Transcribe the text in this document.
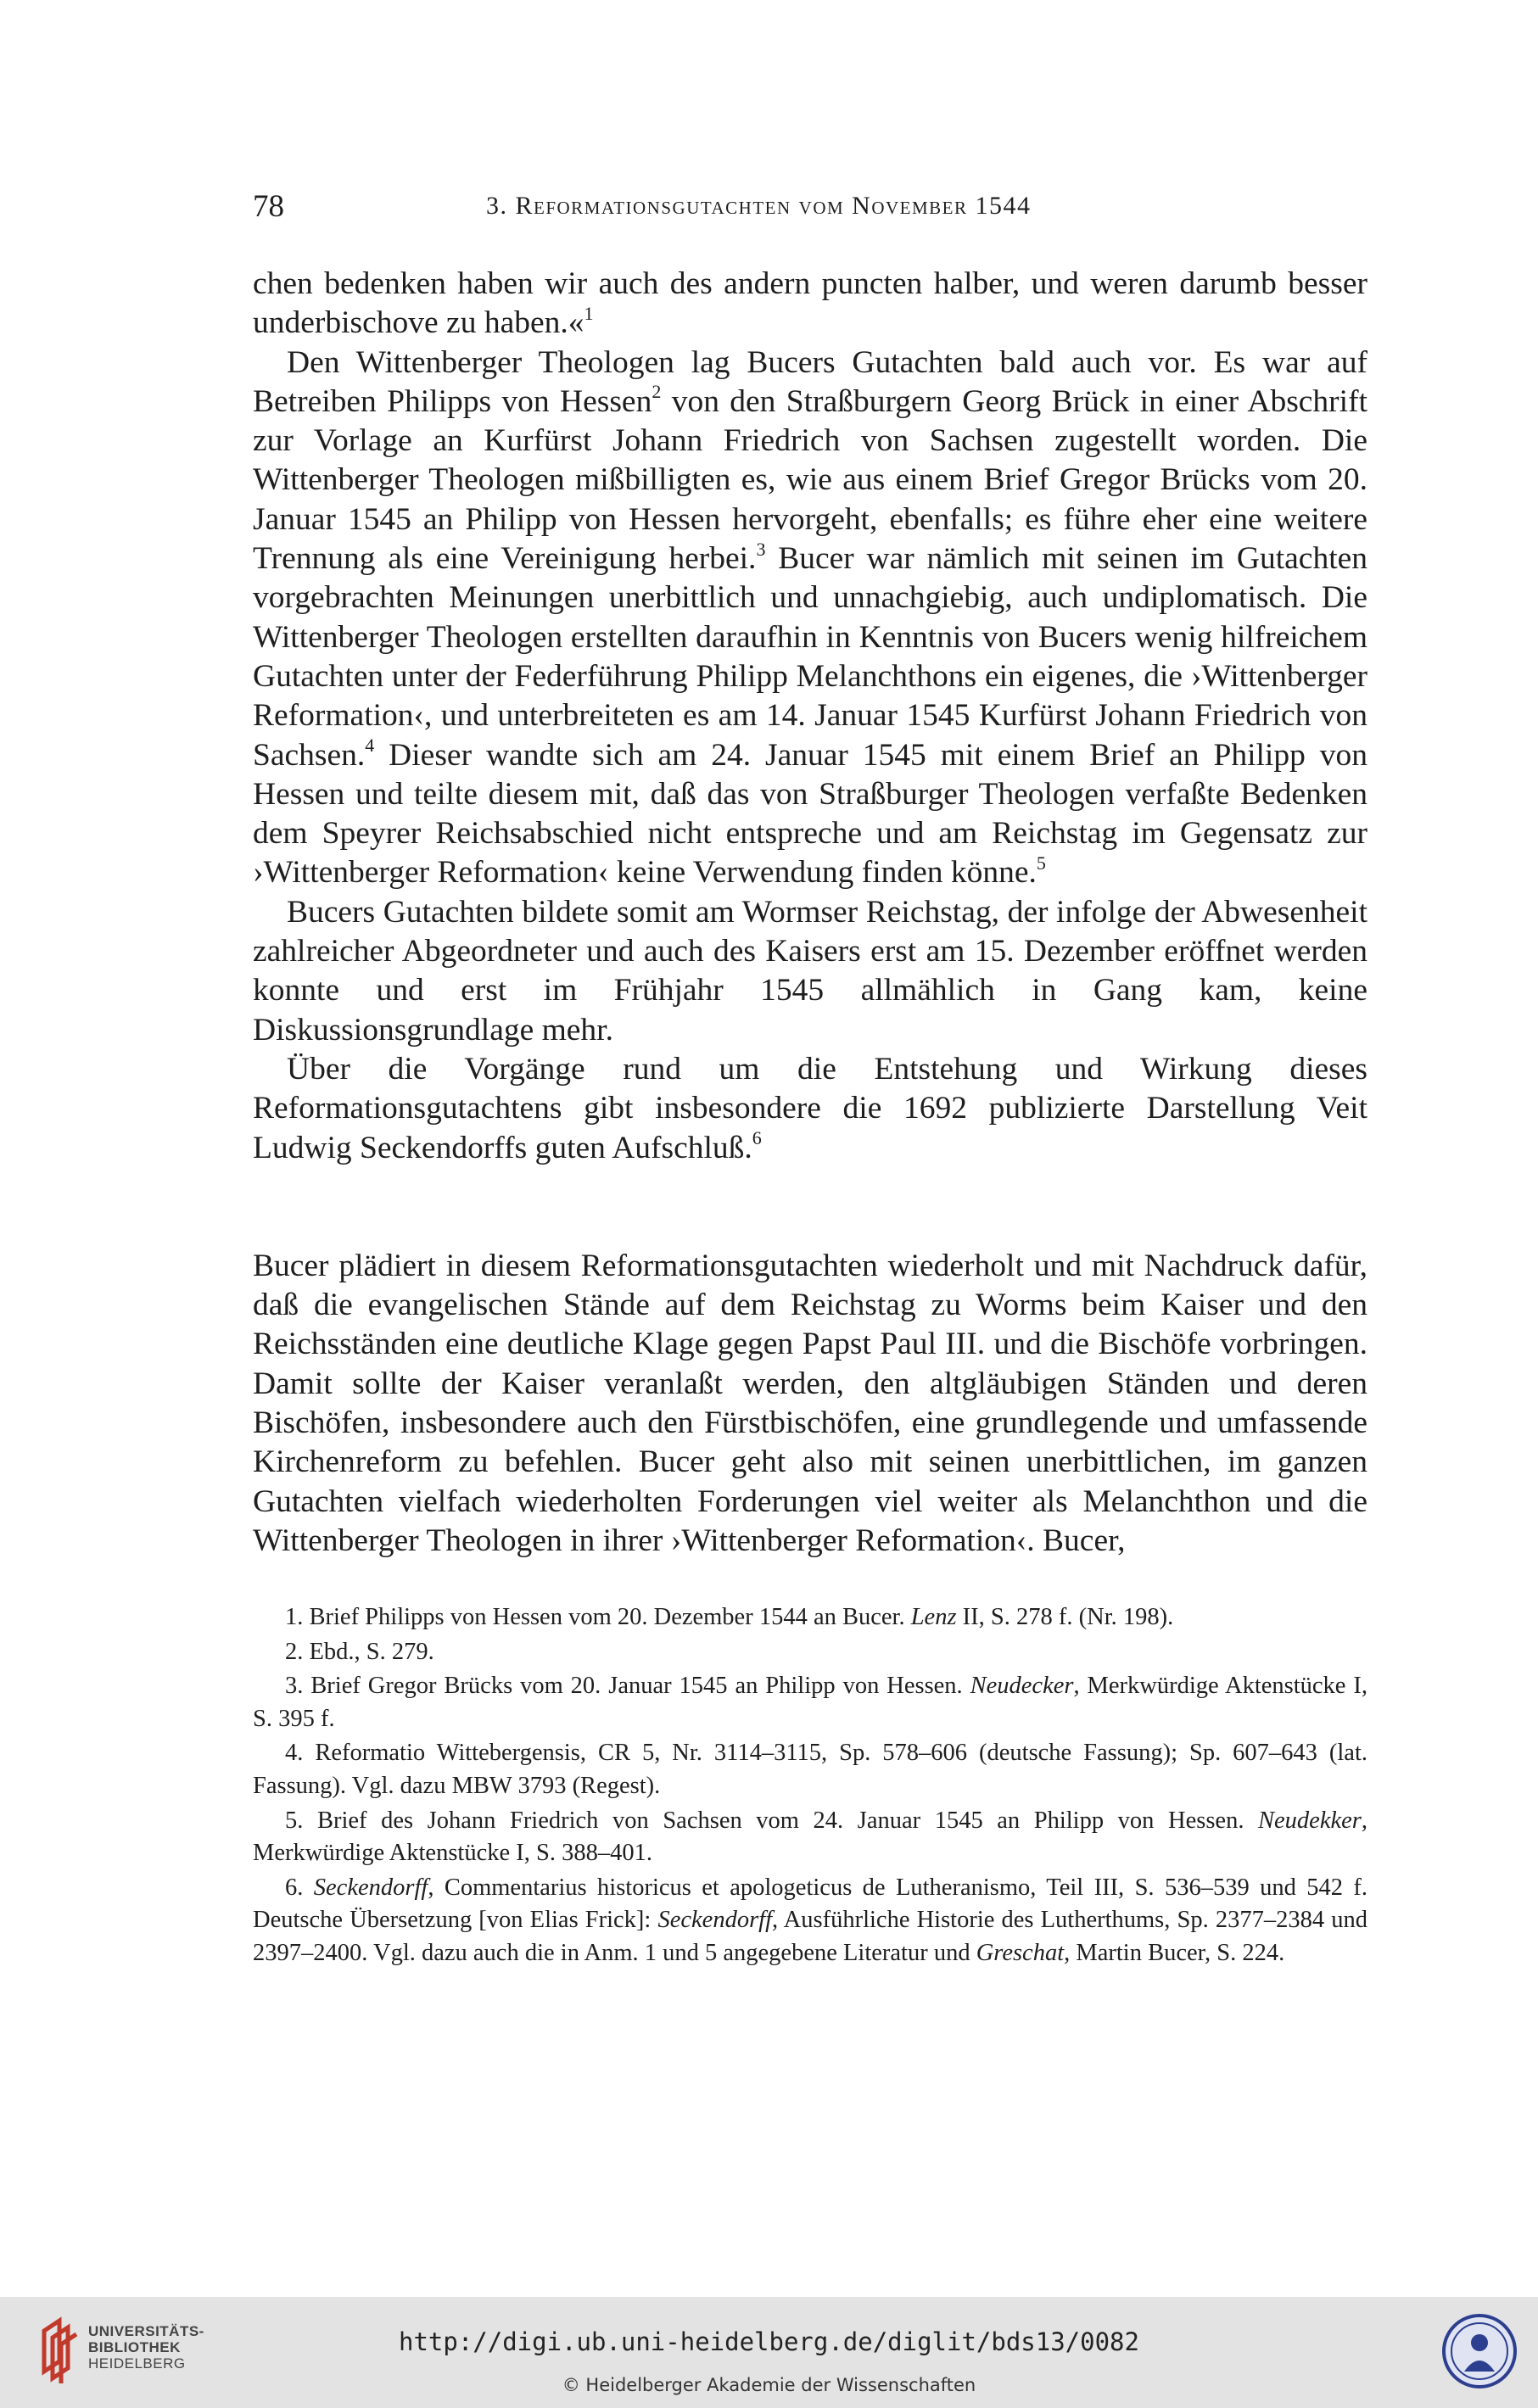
78	3. Reformationsgutachten vom November 1544

chen bedenken haben wir auch des andern puncten halber, und weren darumb besser underbischove zu haben.«$^1$

Den Wittenberger Theologen lag Bucers Gutachten bald auch vor. Es war auf Betreiben Philipps von Hessen$^2$ von den Straßburgern Georg Brück in einer Abschrift zur Vorlage an Kurfürst Johann Friedrich von Sachsen zugestellt worden. Die Wittenberger Theologen mißbilligten es, wie aus einem Brief Gregor Brücks vom 20. Januar 1545 an Philipp von Hessen hervorgeht, ebenfalls; es führe eher eine weitere Trennung als eine Vereinigung herbei.$^3$ Bucer war nämlich mit seinen im Gutachten vorgebrachten Meinungen unerbittlich und unnachgiebig, auch undiplomatisch. Die Wittenberger Theologen erstellten daraufhin in Kenntnis von Bucers wenig hilfreichem Gutachten unter der Federführung Philipp Melanchthons ein eigenes, die ›Wittenberger Reformation‹, und unterbreiteten es am 14. Januar 1545 Kurfürst Johann Friedrich von Sachsen.$^4$ Dieser wandte sich am 24. Januar 1545 mit einem Brief an Philipp von Hessen und teilte diesem mit, daß das von Straßburger Theologen verfaßte Bedenken dem Speyrer Reichsabschied nicht entspreche und am Reichstag im Gegensatz zur ›Wittenberger Reformation‹ keine Verwendung finden könne.$^5$

Bucers Gutachten bildete somit am Wormser Reichstag, der infolge der Abwesenheit zahlreicher Abgeordneter und auch des Kaisers erst am 15. Dezember eröffnet werden konnte und erst im Frühjahr 1545 allmählich in Gang kam, keine Diskussionsgrundlage mehr.

Über die Vorgänge rund um die Entstehung und Wirkung dieses Reformationsgutachtens gibt insbesondere die 1692 publizierte Darstellung Veit Ludwig Seckendorffs guten Aufschluß.$^6$

Bucer plädiert in diesem Reformationsgutachten wiederholt und mit Nachdruck dafür, daß die evangelischen Stände auf dem Reichstag zu Worms beim Kaiser und den Reichsständen eine deutliche Klage gegen Papst Paul III. und die Bischöfe vorbringen. Damit sollte der Kaiser veranlaßt werden, den altgläubigen Ständen und deren Bischöfen, insbesondere auch den Fürstbischöfen, eine grundlegende und umfassende Kirchenreform zu befehlen. Bucer geht also mit seinen unerbittlichen, im ganzen Gutachten vielfach wiederholten Forderungen viel weiter als Melanchthon und die Wittenberger Theologen in ihrer ›Wittenberger Reformation‹. Bucer,

1. Brief Philipps von Hessen vom 20. Dezember 1544 an Bucer. Lenz II, S. 278 f. (Nr. 198).

2. Ebd., S. 279.

3. Brief Gregor Brücks vom 20. Januar 1545 an Philipp von Hessen. Neudecker, Merkwürdige Aktenstücke I, S. 395 f.

4. Reformatio Wittebergensis, CR 5, Nr. 3114–3115, Sp. 578–606 (deutsche Fassung); Sp. 607–643 (lat. Fassung). Vgl. dazu MBW 3793 (Regest).

5. Brief des Johann Friedrich von Sachsen vom 24. Januar 1545 an Philipp von Hessen. Neudekker, Merkwürdige Aktenstücke I, S. 388–401.

6. Seckendorff, Commentarius historicus et apologeticus de Lutheranismo, Teil III, S. 536–539 und 542 f. Deutsche Übersetzung [von Elias Frick]: Seckendorff, Ausführliche Historie des Lutherthums, Sp. 2377–2384 und 2397–2400. Vgl. dazu auch die in Anm. 1 und 5 angegebene Literatur und Greschat, Martin Bucer, S. 224.

UNIVERSITÄTS-
BIBLIOTHEK
HEIDELBERG
http://digi.ub.uni-heidelberg.de/diglit/bds13/0082
© Heidelberger Akademie der Wissenschaften
